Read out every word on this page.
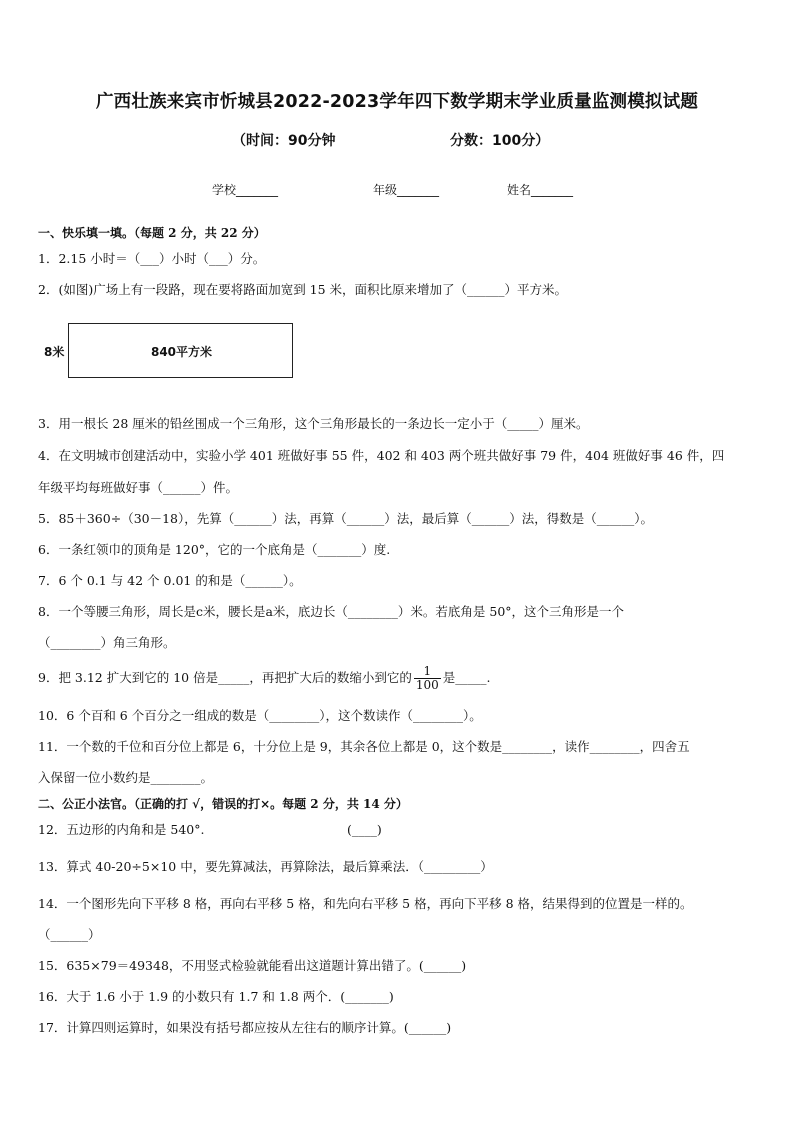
广西壮族来宾市忻城县2022-2023学年四下数学期末学业质量监测模拟试题
（时间：90分钟	分数：100分）
学校_______	年级_______	姓名_______
一、快乐填一填。（每题 2 分，共 22 分）
1．2.15 小时＝（___）小时（___）分。
2．(如图)广场上有一段路，现在要将路面加宽到 15 米，面积比原来增加了（______）平方米。
8米	840平方米
3．用一根长 28 厘米的铅丝围成一个三角形，这个三角形最长的一条边长一定小于（_____）厘米。
4．在文明城市创建活动中，实验小学 401 班做好事 55 件，402 和 403 两个班共做好事 79 件，404 班做好事 46 件，四
年级平均每班做好事（______）件。
5．85＋360÷（30－18），先算（______）法，再算（______）法，最后算（______）法，得数是（______）。
6．一条红领巾的顶角是 120°，它的一个底角是（_______）度.
7．6 个 0.1 与 42 个 0.01 的和是（______）。
8．一个等腰三角形，周长是c米，腰长是a米，底边长（________）米。若底角是 50°，这个三角形是一个
（________）角三角形。
9．把 3.12 扩大到它的 10 倍是_____，再把扩大后的数缩小到它的 $\frac{1}{100}$ 是_____.
10．6 个百和 6 个百分之一组成的数是（________），这个数读作（________）。
11．一个数的千位和百分位上都是 6，十分位上是 9，其余各位上都是 0，这个数是________，读作________，四舍五
入保留一位小数约是________。
二、公正小法官。（正确的打 √，错误的打×。每题 2 分，共 14 分）
12．五边形的内角和是 540°.	(____)
13．算式 40-20÷5×10 中，要先算减法，再算除法，最后算乘法．（_________）
14．一个图形先向下平移 8 格，再向右平移 5 格，和先向右平移 5 格，再向下平移 8 格，结果得到的位置是一样的。
（______）
15．635×79＝49348，不用竖式检验就能看出这道题计算出错了。(______)
16．大于 1.6 小于 1.9 的小数只有 1.7 和 1.8 两个．(_______)
17．计算四则运算时，如果没有括号都应按从左往右的顺序计算。(______)
